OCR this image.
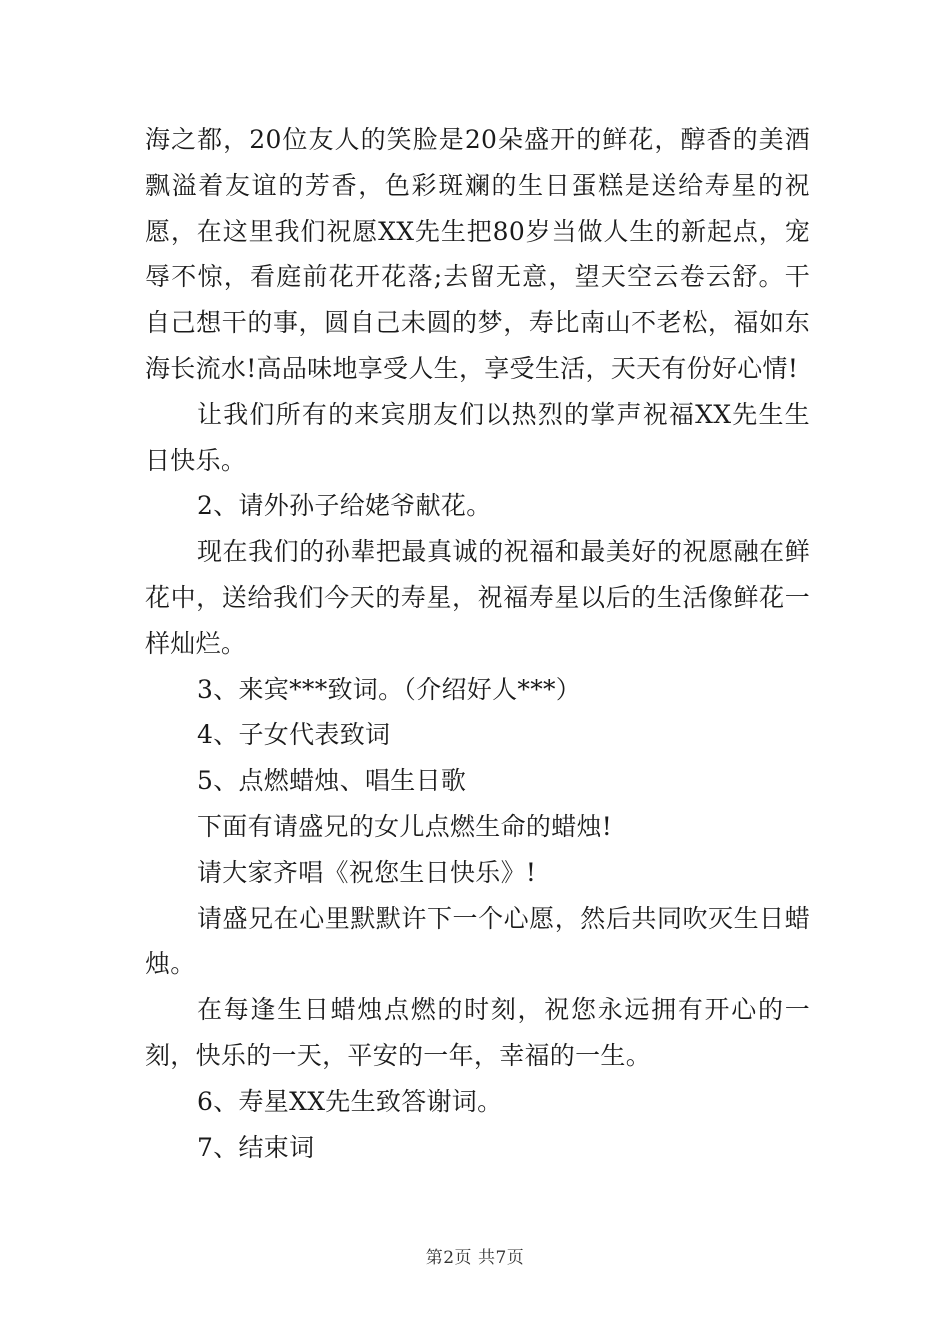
海之都，20位友人的笑脸是20朵盛开的鲜花，醇香的美酒飘溢着友谊的芳香，色彩斑斓的生日蛋糕是送给寿星的祝愿，在这里我们祝愿XX先生把80岁当做人生的新起点，宠辱不惊，看庭前花开花落;去留无意，望天空云卷云舒。干自己想干的事，圆自己未圆的梦，寿比南山不老松，福如东海长流水!高品味地享受人生，享受生活，天天有份好心情!

让我们所有的来宾朋友们以热烈的掌声祝福XX先生生日快乐。

2、请外孙子给姥爷献花。

现在我们的孙辈把最真诚的祝福和最美好的祝愿融在鲜花中，送给我们今天的寿星，祝福寿星以后的生活像鲜花一样灿烂。

3、来宾***致词。（介绍好人***）

4、子女代表致词

5、点燃蜡烛、唱生日歌

下面有请盛兄的女儿点燃生命的蜡烛!

请大家齐唱《祝您生日快乐》!

请盛兄在心里默默许下一个心愿，然后共同吹灭生日蜡烛。

在每逢生日蜡烛点燃的时刻，祝您永远拥有开心的一刻，快乐的一天，平安的一年，幸福的一生。

6、寿星XX先生致答谢词。

7、结束词

第2页 共7页
